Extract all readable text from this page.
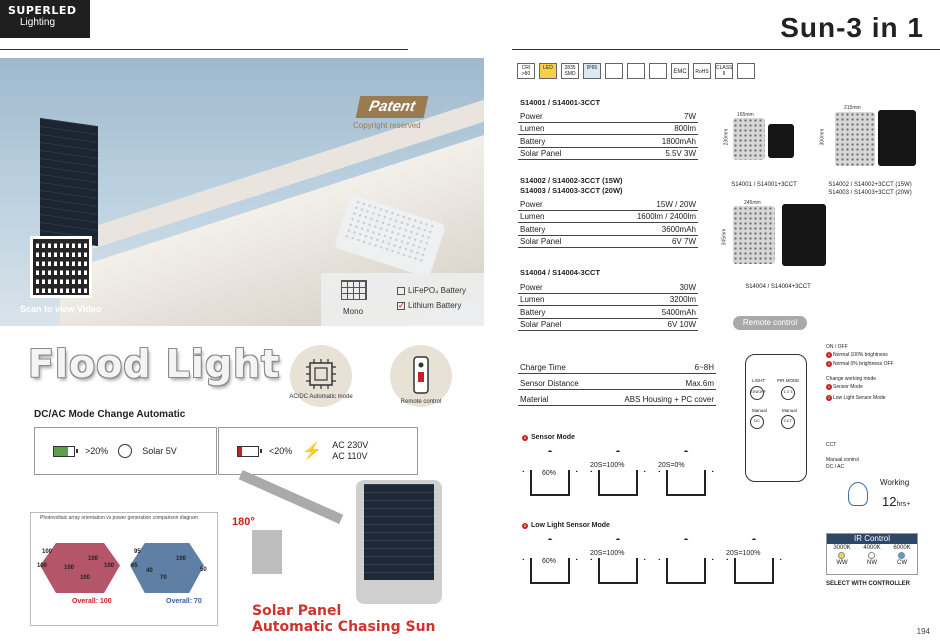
SUPERLED
Lighting	Sun-3 in 1
Patent
Copyright reserved
Scan to view Video	Mono
LiFePO₄ Battery
✓ Lithium Battery
Flood Light
AC/DC Automatic mode
Remote control
DC/AC Mode Change Automatic
>20%	Solar 5V	<20% ⚡ AC 230V
AC 110V
Photovoltaic array orientation vs power generation comparison diagram
100
100	100
100
100
100
95
65
100
70
40	50
Overall: 100	Overall: 70
180°
Solar Panel
Automatic Chasing Sun
CRI >80
LED	2835 SMD
IP65
EMC	RoHS
CLASS II
S14001 / S14001-3CCT
Power	7W
Lumen	800lm
Battery	1800mAh
Solar Panel	5.5V 3W
S14002 / S14002-3CCT (15W)
S14003 / S14003-3CCT (20W)
Power	15W / 20W
Lumen	1600lm / 2400lm
Battery	3600mAh
Solar Panel	6V 7W
S14004 / S14004-3CCT
Power	30W
Lumen	3200lm
Battery	5400mAh
Solar Panel	6V 10W
165mm
230mm
S14001 / S14001+3CCT
215mm
300mm
S14002 / S14002+3CCT (15W)
S14003 / S14003+3CCT (20W)
245mm
345mm
S14004 / S14004+3CCT
Charge Time	6~8H
Sensor Distance	Max.6m
Material	ABS Housing + PC cover
Remote control
LIGHT
ON/OFF
PIR MODE
1 2 3
Manual
DC
Manual
CCT
ON / OFF
1 Normal 100% brightness
2 Normal 0% brightness OFF
Change working mode
1 Sensor Mode
2 Low Light Sensor Mode
CCT
Manual control
DC / AC
1 Sensor Mode
60%
20S=100%	20S=0%
2 Low Light Sensor Mode
60%
20S=100%	20S=100%
Working
12hrs+
IR Control
3000K
WW
4000K
NW
6000K
CW
SELECT WITH CONTROLLER
194
